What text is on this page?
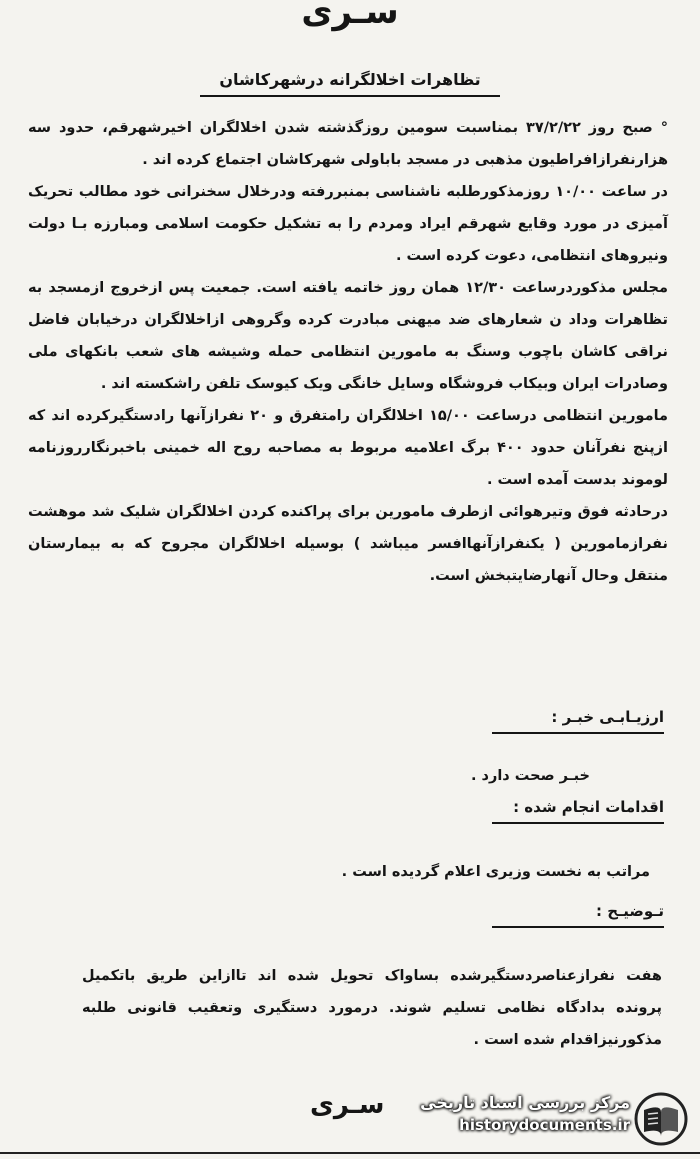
سـری
تظاهرات اخلالگرانه درشهرکاشان

° صبح روز ۳۷/۲/۲۲ بمناسبت سومین روزگذشته شدن اخلالگران اخیرشهرقم، حدود سه هزارنفرازافراطیون مذهبی در مسجد باباولی شهرکاشان اجتماع کرده اند .

در ساعت ۱۰/۰۰ روزمذکورطلبه ناشناسی بمنبررفته ودرخلال سخنرانی خود مطالب تحریک آمیزی در مورد وقایع شهرقم ایراد ومردم را به تشکیل حکومت اسلامی ومبارزه بـا دولت ونیروهای انتظامی، دعوت کرده است .

مجلس مذکوردرساعت ۱۲/۳۰ همان روز خاتمه یافته است. جمعیت پس ازخروج ازمسجد به تظاهرات وداد ن شعارهای ضد میهنی مبادرت کرده وگروهی ازاخلالگران درخیابان فاضل نراقی کاشان باچوب وسنگ به مامورین انتظامی حمله وشیشه های شعب بانکهای ملی وصادرات ایران وبیکاب فروشگاه وسایل خانگی ویک کیوسک تلفن راشکسته اند .

مامورین انتظامی درساعت ۱۵/۰۰ اخلالگران رامتفرق و ۲۰ نفرازآنها رادستگیرکرده اند که ازپنج نفرآنان حدود ۴۰۰ برگ اعلامیه مربوط به مصاحبه روح اله خمینی باخبرنگارروزنامه لوموند بدست آمده است .

درحادثه فوق وتیرهوائی ازطرف مامورین برای پراکنده کردن اخلالگران شلیک شد موهشت نفرازمامورین ( یکنفرازآنهاافسر میباشد ) بوسیله اخلالگران مجروح که به بیمارستان منتقل وحال آنهارضایتبخش است.

ارزیـابـی خبـر :
خبـر صحت دارد .
اقدامات انجام شده :
مراتب به نخست وزیری اعلام گردیده است .
تـوضیـح :
هفت نفرازعناصردستگیرشده بساواک تحویل شده اند تاازاین طریق باتکمیل پرونده بدادگاه نظامی تسلیم شوند. درمورد دستگیری وتعقیب قانونی طلبه مذکورنیزاقدام شده است .
سـری مرکز بررسی اسناد تاریخی
historydocuments.ir
